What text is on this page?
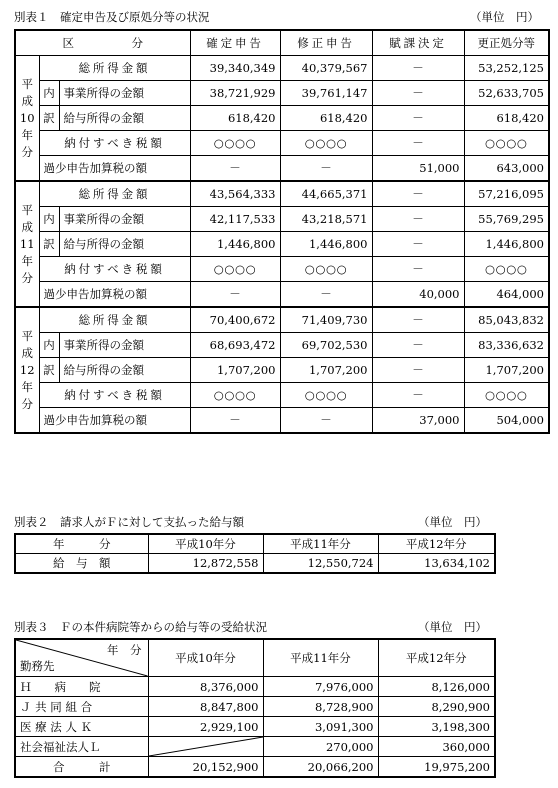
別表１　確定申告及び原処分等の状況	（単位　円）
区　　　　　分			確定申告	修正申告	賦課決定	更正処分等

平
成
10
年
分	総所得金額		39,340,349	40,379,567	－	53,252,125
	内	事業所得の金額	38,721,929	39,761,147	－	52,633,705
	訳	給与所得の金額	618,420	618,420	－	618,420
	納付すべき税額		○○○○	○○○○	－	○○○○
	過少申告加算税の額		－	－	51,000	643,000

平
成
11
年
分	総所得金額		43,564,333	44,665,371	－	57,216,095
	内	事業所得の金額	42,117,533	43,218,571	－	55,769,295
	訳	給与所得の金額	1,446,800	1,446,800	－	1,446,800
	納付すべき税額		○○○○	○○○○	－	○○○○
	過少申告加算税の額		－	－	40,000	464,000

平
成
12
年
分	総所得金額		70,400,672	71,409,730	－	85,043,832
	内	事業所得の金額	68,693,472	69,702,530	－	83,336,632
	訳	給与所得の金額	1,707,200	1,707,200	－	1,707,200
	納付すべき税額		○○○○	○○○○	－	○○○○
	過少申告加算税の額		－	－	37,000	504,000
別表２　請求人がＦに対して支払った給与額	（単位　円）
年　　　分	平成10年分	平成11年分	平成12年分
給　与　額	12,872,558	12,550,724	13,634,102
別表３　Ｆの本件病院等からの給与等の受給状況	（単位　円）
年　分
勤務先	平成10年分	平成11年分	平成12年分
Ｈ　　病　　院	8,376,000	7,976,000	8,126,000
Ｊ 共 同 組 合	8,847,800	8,728,900	8,290,900
医 療 法 人 Ｋ	2,929,100	3,091,300	3,198,300
社会福祉法人Ｌ		270,000	360,000
合　　　計	20,152,900	20,066,200	19,975,200
